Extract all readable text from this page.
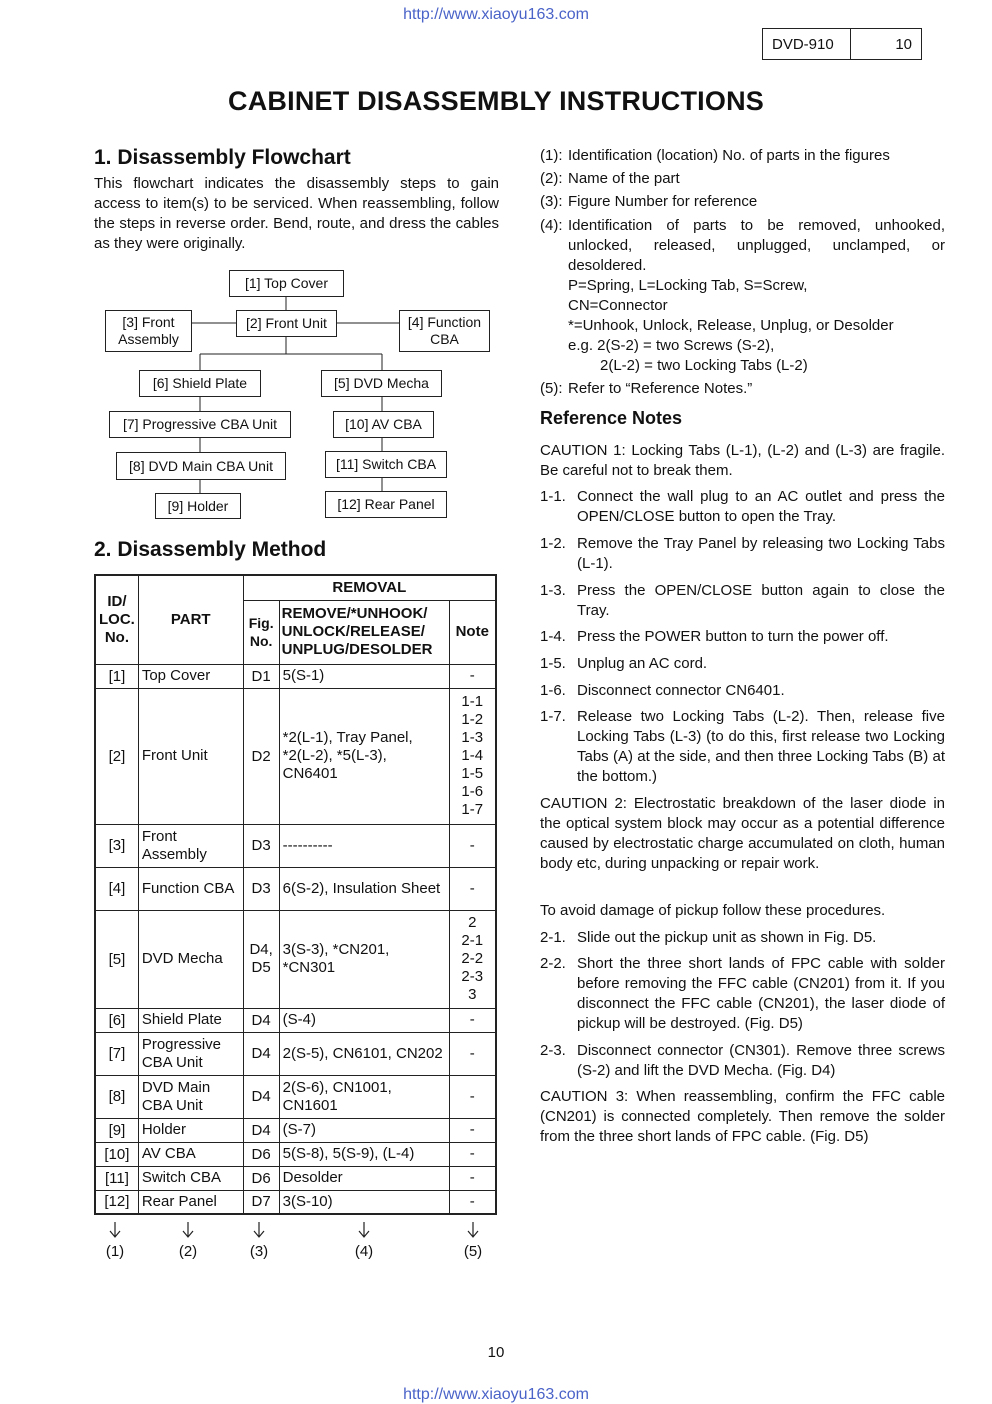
http://www.xiaoyu163.com
DVD-910	10
CABINET DISASSEMBLY INSTRUCTIONS
1. Disassembly Flowchart
This flowchart indicates the disassembly steps to gain access to item(s) to be serviced. When reassembling, follow the steps in reverse order. Bend, route, and dress the cables as they were originally.
[1] Top Cover
[3] Front Assembly
[2] Front Unit	[4] Function CBA
[6] Shield Plate	[5] DVD Mecha
[7] Progressive CBA Unit	[10] AV CBA
[8] DVD Main CBA Unit	[11] Switch CBA
[9] Holder	[12] Rear Panel
2. Disassembly Method
ID/ LOC. No.	PART	REMOVAL		
		Fig. No.	REMOVE/*UNHOOK/ UNLOCK/RELEASE/ UNPLUG/DESOLDER	Note
[1]	Top Cover	D1	5(S-1)	-
[2]	Front Unit	D2	*2(L-1), Tray Panel, *2(L-2), *5(L-3), CN6401	1-1 1-2 1-3 1-4 1-5 1-6 1-7
[3]	Front Assembly	D3	----------	-
[4]	Function CBA	D3	6(S-2), Insulation Sheet	-
[5]	DVD Mecha	D4, D5	3(S-3), *CN201, *CN301	2 2-1 2-2 2-3 3
[6]	Shield Plate	D4	(S-4)	-
[7]	Progressive CBA Unit	D4	2(S-5), CN6101, CN202	-
[8]	DVD Main CBA Unit	D4	2(S-6), CN1001, CN1601	-
[9]	Holder	D4	(S-7)	-
[10]	AV CBA	D6	5(S-8), 5(S-9), (L-4)	-
[11]	Switch CBA	D6	Desolder	-
[12]	Rear Panel	D7	3(S-10)	-
(1)	(2)	(3)	(4)	(5)
(1): Identification (location) No. of parts in the figures
(2): Name of the part
(3): Figure Number for reference
(4): Identification of parts to be removed, unhooked, unlocked, released, unplugged, unclamped, or desoldered.
P=Spring, L=Locking Tab, S=Screw,
CN=Connector
*=Unhook, Unlock, Release, Unplug, or Desolder
e.g. 2(S-2) = two Screws (S-2),
2(L-2) = two Locking Tabs (L-2)
(5): Refer to “Reference Notes.”
Reference Notes
CAUTION 1: Locking Tabs (L-1), (L-2) and (L-3) are fragile. Be careful not to break them.
1-1. Connect the wall plug to an AC outlet and press the OPEN/CLOSE button to open the Tray.
1-2. Remove the Tray Panel by releasing two Locking Tabs (L-1).
1-3. Press the OPEN/CLOSE button again to close the Tray.
1-4. Press the POWER button to turn the power off.
1-5. Unplug an AC cord.
1-6. Disconnect connector CN6401.
1-7. Release two Locking Tabs (L-2). Then, release five Locking Tabs (L-3) (to do this, first release two Locking Tabs (A) at the side, and then three Locking Tabs (B) at the bottom.)
CAUTION 2: Electrostatic breakdown of the laser diode in the optical system block may occur as a potential difference caused by electrostatic charge accumulated on cloth, human body etc, during unpacking or repair work.
To avoid damage of pickup follow these procedures.
2-1. Slide out the pickup unit as shown in Fig. D5.
2-2. Short the three short lands of FPC cable with solder before removing the FFC cable (CN201) from it. If you disconnect the FFC cable (CN201), the laser diode of pickup will be destroyed. (Fig. D5)
2-3. Disconnect connector (CN301). Remove three screws (S-2) and lift the DVD Mecha. (Fig. D4)
CAUTION 3: When reassembling, confirm the FFC cable (CN201) is connected completely. Then remove the solder from the three short lands of FPC cable. (Fig. D5)
10
http://www.xiaoyu163.com
